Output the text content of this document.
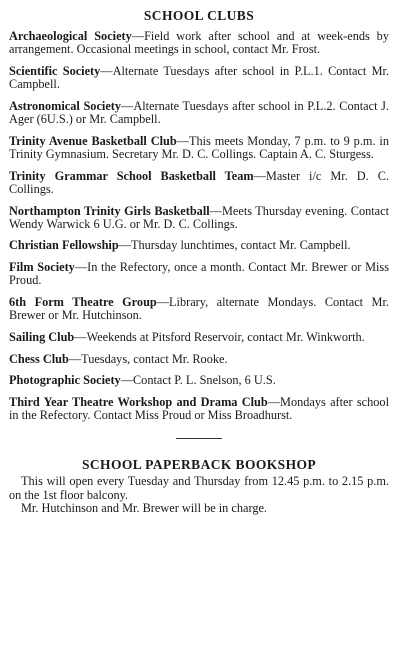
SCHOOL CLUBS
Archaeological Society—Field work after school and at week-ends by arrangement. Occasional meetings in school, contact Mr. Frost.
Scientific Society—Alternate Tuesdays after school in P.L.1. Contact Mr. Campbell.
Astronomical Society—Alternate Tuesdays after school in P.L.2. Contact J. Ager (6U.S.) or Mr. Campbell.
Trinity Avenue Basketball Club—This meets Monday, 7 p.m. to 9 p.m. in Trinity Gymnasium. Secretary Mr. D. C. Collings. Captain A. C. Sturgess.
Trinity Grammar School Basketball Team—Master i/c Mr. D. C. Collings.
Northampton Trinity Girls Basketball—Meets Thursday evening. Contact Wendy Warwick 6 U.G. or Mr. D. C. Collings.
Christian Fellowship—Thursday lunchtimes, contact Mr. Campbell.
Film Society—In the Refectory, once a month. Contact Mr. Brewer or Miss Proud.
6th Form Theatre Group—Library, alternate Mondays. Contact Mr. Brewer or Mr. Hutchinson.
Sailing Club—Weekends at Pitsford Reservoir, contact Mr. Winkworth.
Chess Club—Tuesdays, contact Mr. Rooke.
Photographic Society—Contact P. L. Snelson, 6 U.S.
Third Year Theatre Workshop and Drama Club—Mondays after school in the Refectory. Contact Miss Proud or Miss Broadhurst.
SCHOOL PAPERBACK BOOKSHOP

This will open every Tuesday and Thursday from 12.45 p.m. to 2.15 p.m. on the 1st floor balcony.

Mr. Hutchinson and Mr. Brewer will be in charge.
